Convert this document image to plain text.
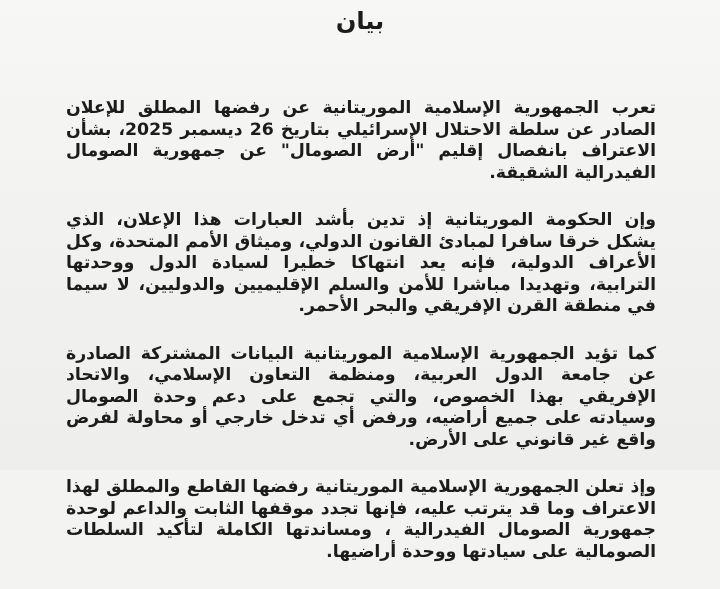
بيان

تعرب الجمهورية الإسلامية الموريتانية عن رفضها المطلق للإعلان الصادر عن سلطة الاحتلال الإسرائيلي بتاريخ 26 ديسمبر 2025، بشأن الاعتراف بانفصال إقليم "أرض الصومال" عن جمهورية الصومال الفيدرالية الشقيقة.

وإن الحكومة الموريتانية إذ تدين بأشد العبارات هذا الإعلان، الذي يشكل خرقا سافرا لمبادئ القانون الدولي، وميثاق الأمم المتحدة، وكل الأعراف الدولية، فإنه يعد انتهاكا خطيرا لسيادة الدول ووحدتها الترابية، وتهديدا مباشرا للأمن والسلم الإقليميين والدوليين، لا سيما في منطقة القرن الإفريقي والبحر الأحمر.

كما تؤيد الجمهورية الإسلامية الموريتانية البيانات المشتركة الصادرة عن جامعة الدول العربية، ومنظمة التعاون الإسلامي، والاتحاد الإفريقي بهذا الخصوص، والتي تجمع على دعم وحدة الصومال وسيادته على جميع أراضيه، ورفض أي تدخل خارجي أو محاولة لفرض واقع غير قانوني على الأرض.

وإذ تعلن الجمهورية الإسلامية الموريتانية رفضها القاطع والمطلق لهذا الاعتراف وما قد يترتب عليه، فإنها تجدد موقفها الثابت والداعم لوحدة جمهورية الصومال الفيدرالية ، ومساندتها الكاملة لتأكيد السلطات الصومالية على سيادتها ووحدة أراضيها.
